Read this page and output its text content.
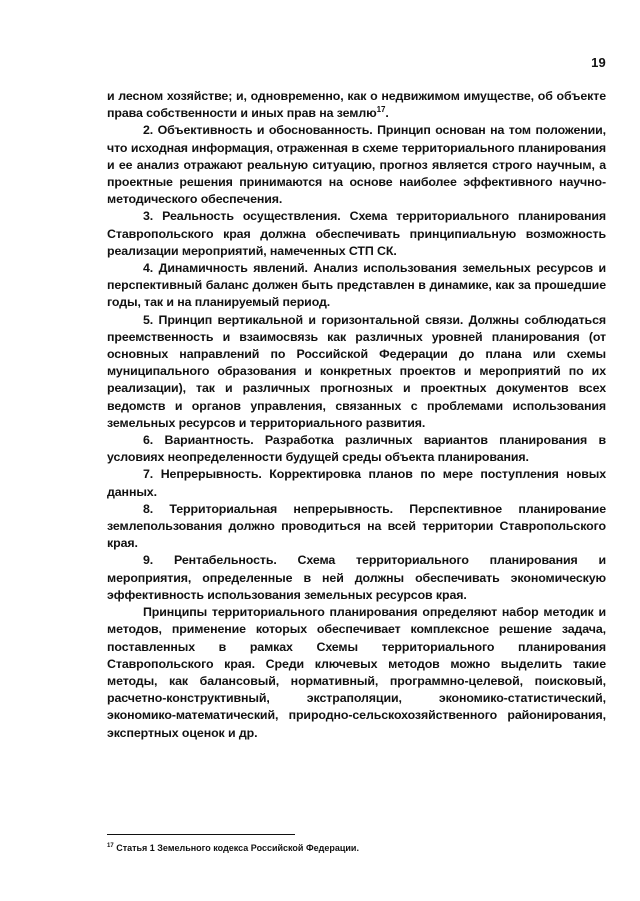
19

и лесном хозяйстве; и, одновременно, как о недвижимом имуществе, об объекте права собственности и иных прав на землю$^{17}$.

2. Объективность и обоснованность. Принцип основан на том положении, что исходная информация, отраженная в схеме территориального планирования и ее анализ отражают реальную ситуацию, прогноз является строго научным, а проектные решения принимаются на основе наиболее эффективного научно-методического обеспечения.

3. Реальность осуществления. Схема территориального планирования Ставропольского края должна обеспечивать принципиальную возможность реализации мероприятий, намеченных СТП СК.

4. Динамичность явлений. Анализ использования земельных ресурсов и перспективный баланс должен быть представлен в динамике, как за прошедшие годы, так и на планируемый период.

5. Принцип вертикальной и горизонтальной связи. Должны соблюдаться преемственность и взаимосвязь как различных уровней планирования (от основных направлений по Российской Федерации до плана или схемы муниципального образования и конкретных проектов и мероприятий по их реализации), так и различных прогнозных и проектных документов всех ведомств и органов управления, связанных с проблемами использования земельных ресурсов и территориального развития.

6. Вариантность. Разработка различных вариантов планирования в условиях неопределенности будущей среды объекта планирования.

7. Непрерывность. Корректировка планов по мере поступления новых данных.

8. Территориальная непрерывность. Перспективное планирование землепользования должно проводиться на всей территории Ставропольского края.

9. Рентабельность. Схема территориального планирования и мероприятия, определенные в ней должны обеспечивать экономическую эффективность использования земельных ресурсов края.

Принципы территориального планирования определяют набор методик и методов, применение которых обеспечивает комплексное решение задача, поставленных в рамках Схемы территориального планирования Ставропольского края. Среди ключевых методов можно выделить такие методы, как балансовый, нормативный, программно-целевой, поисковый, расчетно-конструктивный, экстраполяции, экономико-статистический, экономико-математический, природно-сельскохозяйственного районирования, экспертных оценок и др.

$^{17}$ Статья 1 Земельного кодекса Российской Федерации.
